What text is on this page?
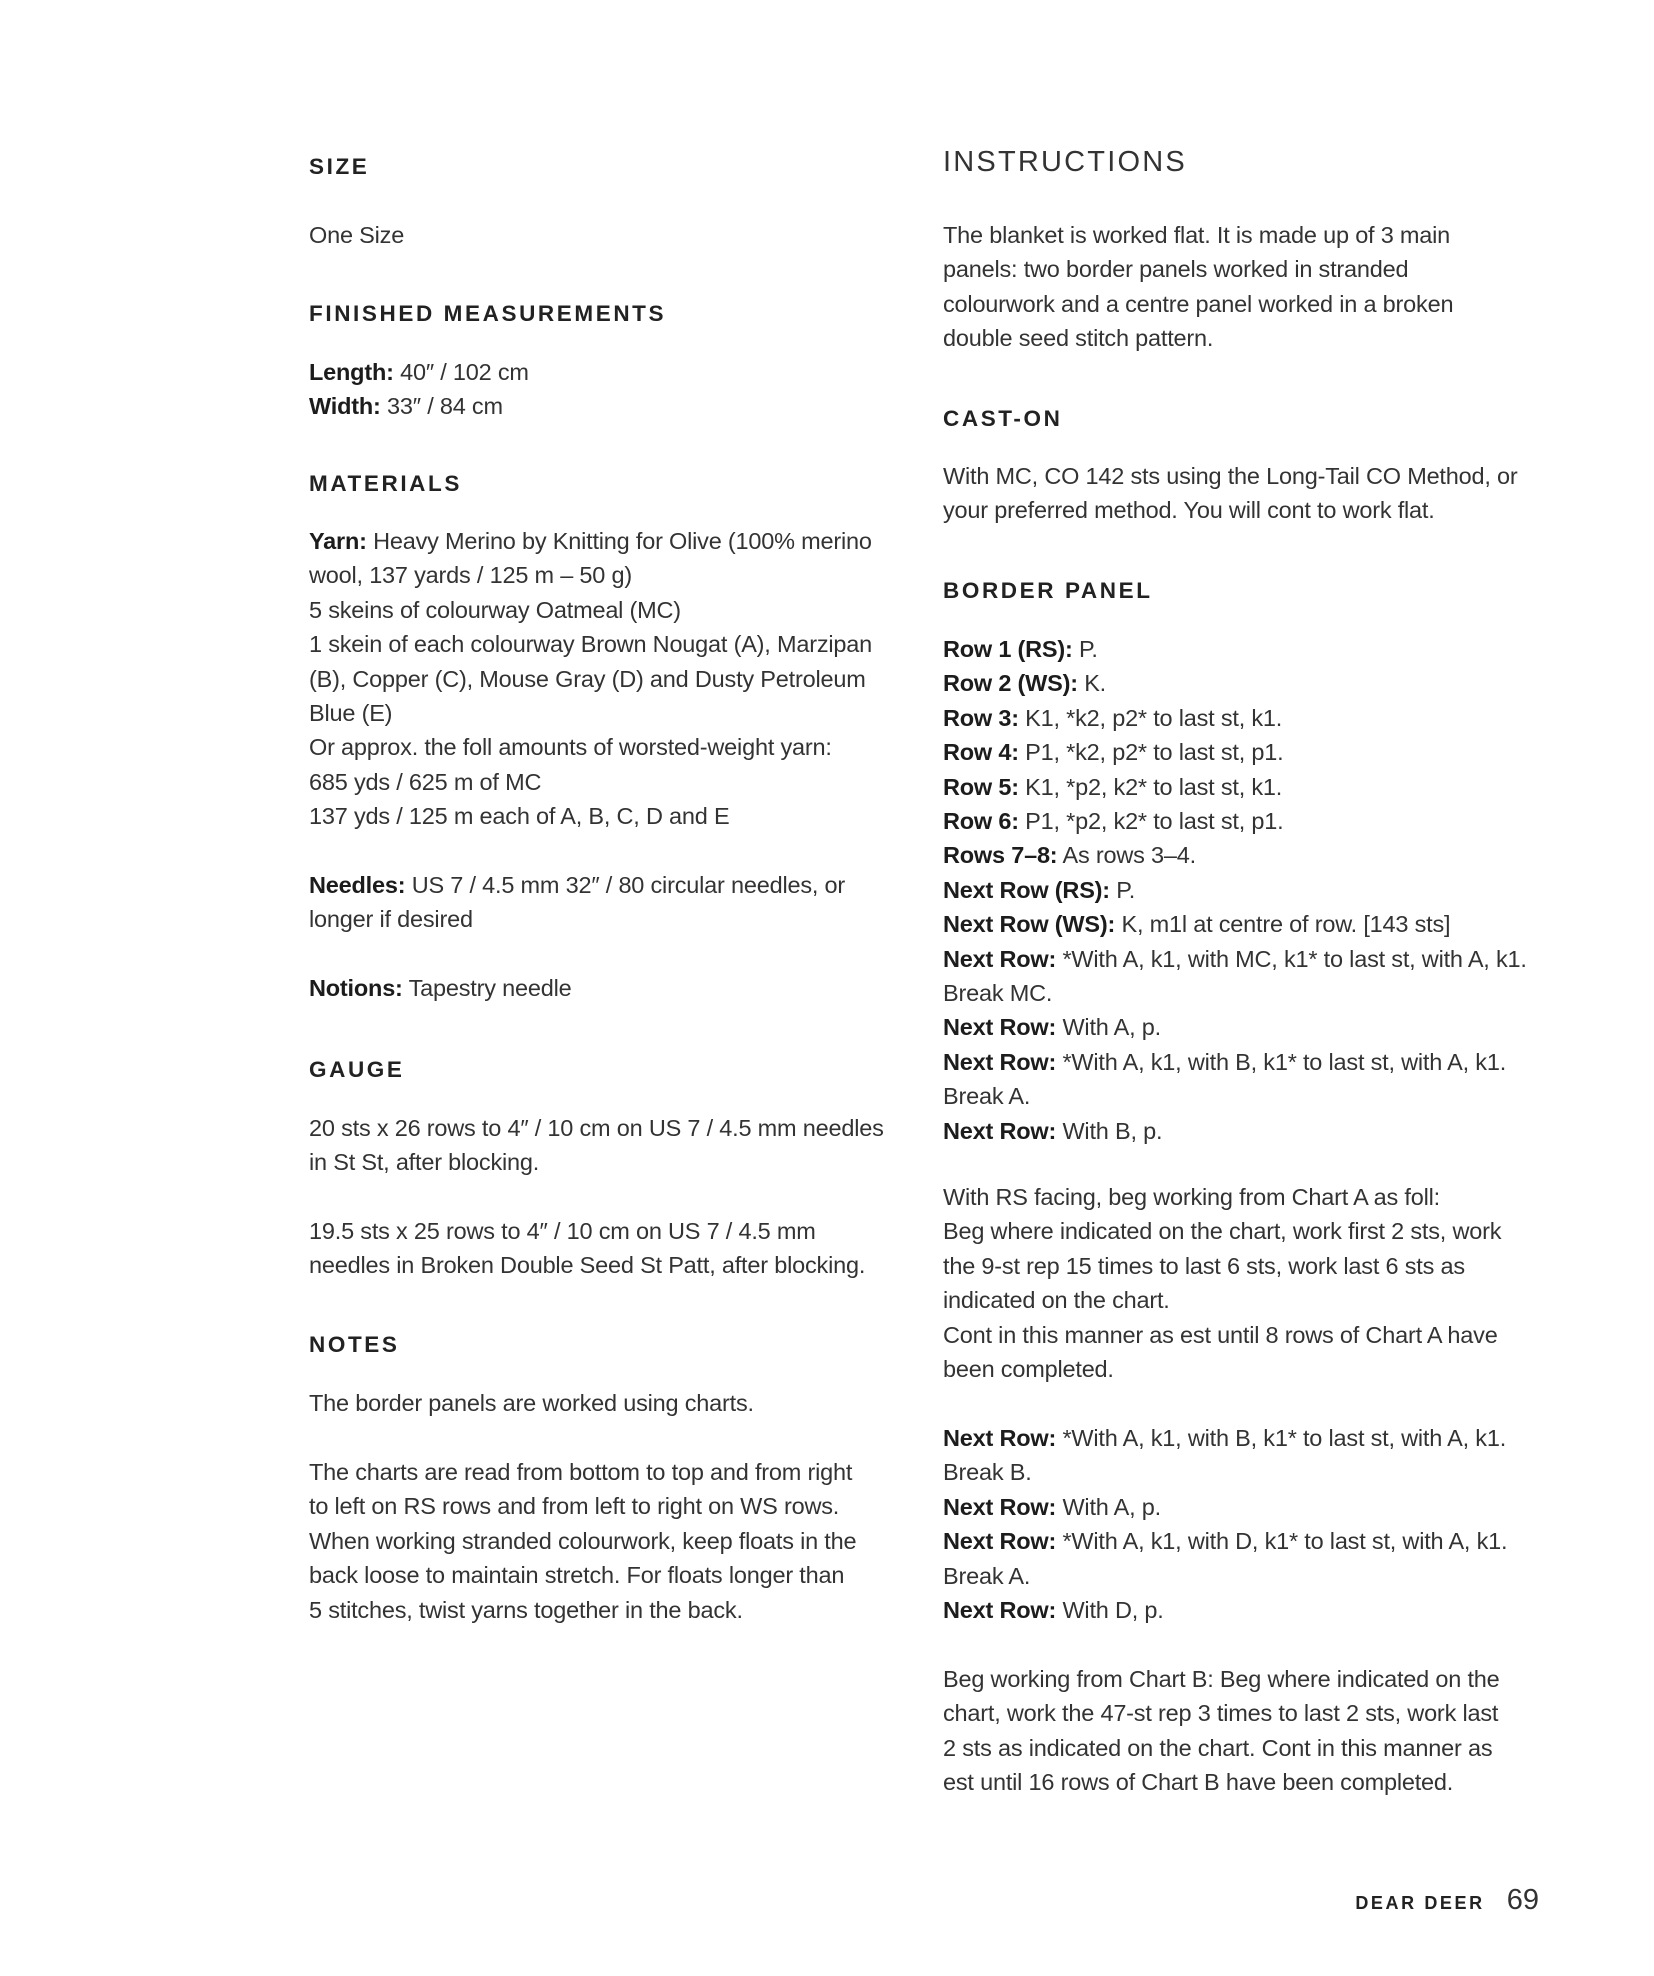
SIZE
One Size
FINISHED MEASUREMENTS
Length: 40″ / 102 cm
Width: 33″ / 84 cm
MATERIALS
Yarn: Heavy Merino by Knitting for Olive (100% merino
wool, 137 yards / 125 m – 50 g)
5 skeins of colourway Oatmeal (MC)
1 skein of each colourway Brown Nougat (A), Marzipan
(B), Copper (C), Mouse Gray (D) and Dusty Petroleum
Blue (E)
Or approx. the foll amounts of worsted-weight yarn:
685 yds / 625 m of MC
137 yds / 125 m each of A, B, C, D and E
Needles: US 7 / 4.5 mm 32″ / 80 circular needles, or
longer if desired
Notions: Tapestry needle
GAUGE
20 sts x 26 rows to 4″ / 10 cm on US 7 / 4.5 mm needles
in St St, after blocking.
19.5 sts x 25 rows to 4″ / 10 cm on US 7 / 4.5 mm
needles in Broken Double Seed St Patt, after blocking.
NOTES
The border panels are worked using charts.
The charts are read from bottom to top and from right
to left on RS rows and from left to right on WS rows.
When working stranded colourwork, keep floats in the
back loose to maintain stretch. For floats longer than
5 stitches, twist yarns together in the back.
INSTRUCTIONS
The blanket is worked flat. It is made up of 3 main
panels: two border panels worked in stranded
colourwork and a centre panel worked in a broken
double seed stitch pattern.
CAST-ON
With MC, CO 142 sts using the Long-Tail CO Method, or
your preferred method. You will cont to work flat.
BORDER PANEL
Row 1 (RS): P.
Row 2 (WS): K.
Row 3: K1, *k2, p2* to last st, k1.
Row 4: P1, *k2, p2* to last st, p1.
Row 5: K1, *p2, k2* to last st, k1.
Row 6: P1, *p2, k2* to last st, p1.
Rows 7–8: As rows 3–4.
Next Row (RS): P.
Next Row (WS): K, m1l at centre of row. [143 sts]
Next Row: *With A, k1, with MC, k1* to last st, with A, k1.
Break MC.
Next Row: With A, p.
Next Row: *With A, k1, with B, k1* to last st, with A, k1.
Break A.
Next Row: With B, p.
With RS facing, beg working from Chart A as foll:
Beg where indicated on the chart, work first 2 sts, work
the 9-st rep 15 times to last 6 sts, work last 6 sts as
indicated on the chart.
Cont in this manner as est until 8 rows of Chart A have
been completed.
Next Row: *With A, k1, with B, k1* to last st, with A, k1.
Break B.
Next Row: With A, p.
Next Row: *With A, k1, with D, k1* to last st, with A, k1.
Break A.
Next Row: With D, p.
Beg working from Chart B: Beg where indicated on the
chart, work the 47-st rep 3 times to last 2 sts, work last
2 sts as indicated on the chart. Cont in this manner as
est until 16 rows of Chart B have been completed.
DEAR DEER 69
